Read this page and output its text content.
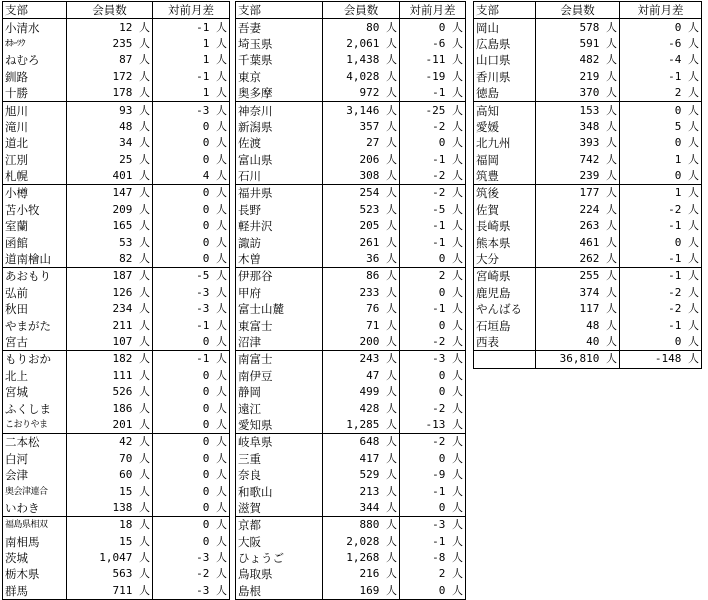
支部	会員数	対前月差
小清水	12 人	-1 人
ｵﾎｰﾂｸ	235 人	1 人
ねむろ	87 人	1 人
釧路	172 人	-1 人
十勝	178 人	1 人
旭川	93 人	-3 人
滝川	48 人	0 人
道北	34 人	0 人
江別	25 人	0 人
札幌	401 人	4 人
小樽	147 人	0 人
苫小牧	209 人	0 人
室蘭	165 人	0 人
函館	53 人	0 人
道南檜山	82 人	0 人
あおもり	187 人	-5 人
弘前	126 人	-3 人
秋田	234 人	-3 人
やまがた	211 人	-1 人
宮古	107 人	0 人
もりおか	182 人	-1 人
北上	111 人	0 人
宮城	526 人	0 人
ふくしま	186 人	0 人
こおりやま	201 人	0 人
二本松	42 人	0 人
白河	70 人	0 人
会津	60 人	0 人
奥会津連合	15 人	0 人
いわき	138 人	0 人
福島県相双	18 人	0 人
南相馬	15 人	0 人
茨城	1,047 人	-3 人
栃木県	563 人	-2 人
群馬	711 人	-3 人
支部	会員数	対前月差
吾妻	80 人	0 人
埼玉県	2,061 人	-6 人
千葉県	1,438 人	-11 人
東京	4,028 人	-19 人
奥多摩	972 人	-1 人
神奈川	3,146 人	-25 人
新潟県	357 人	-2 人
佐渡	27 人	0 人
富山県	206 人	-1 人
石川	308 人	-2 人
福井県	254 人	-2 人
長野	523 人	-5 人
軽井沢	205 人	-1 人
諏訪	261 人	-1 人
木曽	36 人	0 人
伊那谷	86 人	2 人
甲府	233 人	0 人
富士山麓	76 人	-1 人
東富士	71 人	0 人
沼津	200 人	-2 人
南富士	243 人	-3 人
南伊豆	47 人	0 人
静岡	499 人	0 人
遠江	428 人	-2 人
愛知県	1,285 人	-13 人
岐阜県	648 人	-2 人
三重	417 人	0 人
奈良	529 人	-9 人
和歌山	213 人	-1 人
滋賀	344 人	0 人
京都	880 人	-3 人
大阪	2,028 人	-1 人
ひょうご	1,268 人	-8 人
鳥取県	216 人	2 人
島根	169 人	0 人
支部	会員数	対前月差
岡山	578 人	0 人
広島県	591 人	-6 人
山口県	482 人	-4 人
香川県	219 人	-1 人
徳島	370 人	2 人
高知	153 人	0 人
愛媛	348 人	5 人
北九州	393 人	0 人
福岡	742 人	1 人
筑豊	239 人	0 人
筑後	177 人	1 人
佐賀	224 人	-2 人
長崎県	263 人	-1 人
熊本県	461 人	0 人
大分	262 人	-1 人
宮崎県	255 人	-1 人
鹿児島	374 人	-2 人
やんばる	117 人	-2 人
石垣島	48 人	-1 人
西表	40 人	0 人
	36,810 人	-148 人
